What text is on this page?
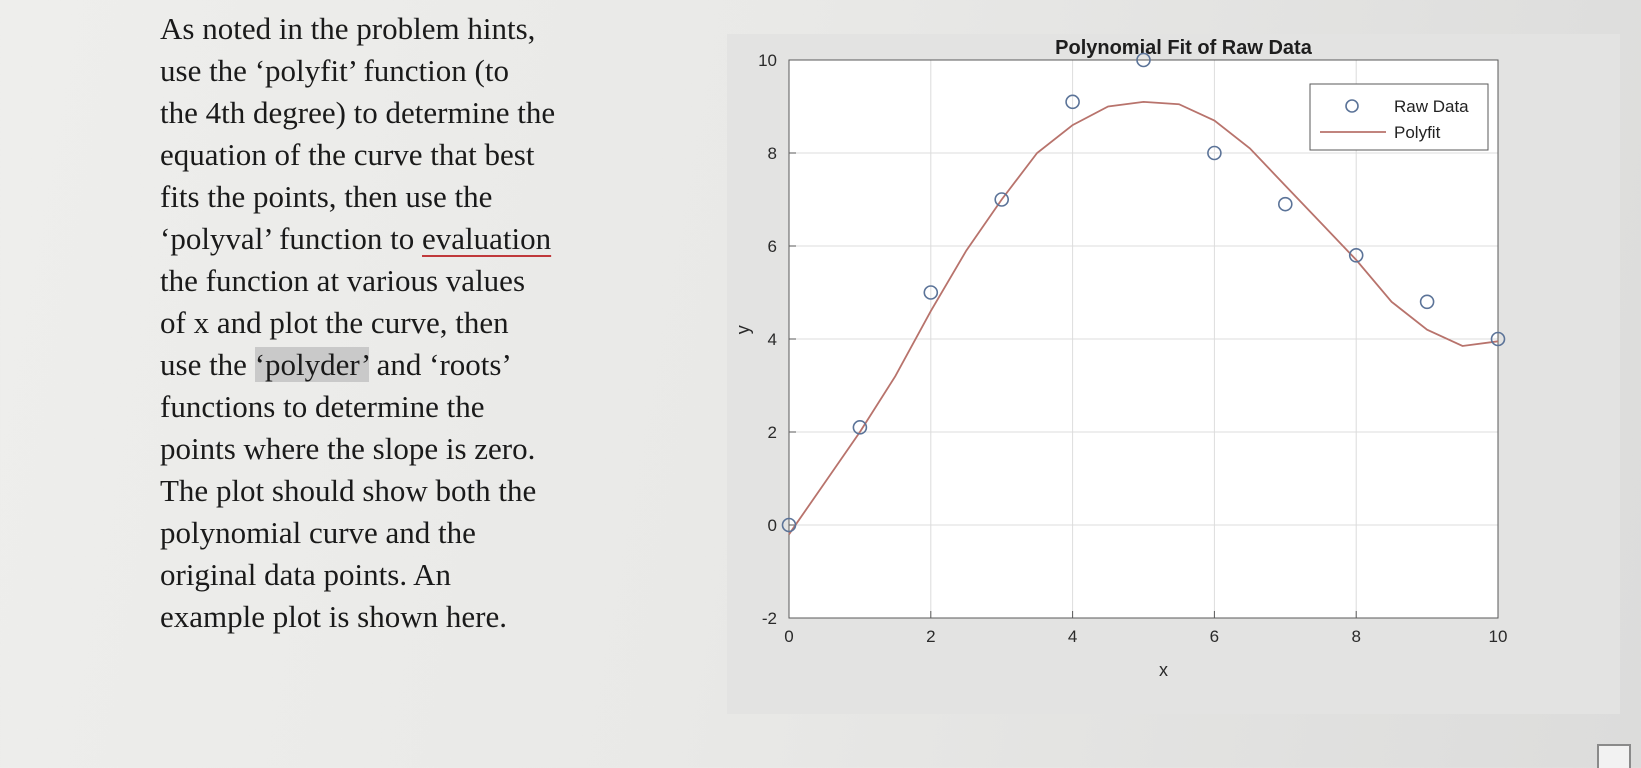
As noted in the problem hints,
use the ‘polyfit’ function (to
the 4th degree) to determine the
equation of the curve that best
fits the points, then use the
‘polyval’ function to evaluation
the function at various values
of x and plot the curve, then
use the ‘polyder’ and ‘roots’
functions to determine the
points where the slope is zero.
The plot should show both the
polynomial curve and the
original data points. An
example plot is shown here.
0	2	4	6	8	10
-2
0
2
4
6
8
10
Polynomial Fit of Raw Data
x
y
Raw Data
Polyfit
